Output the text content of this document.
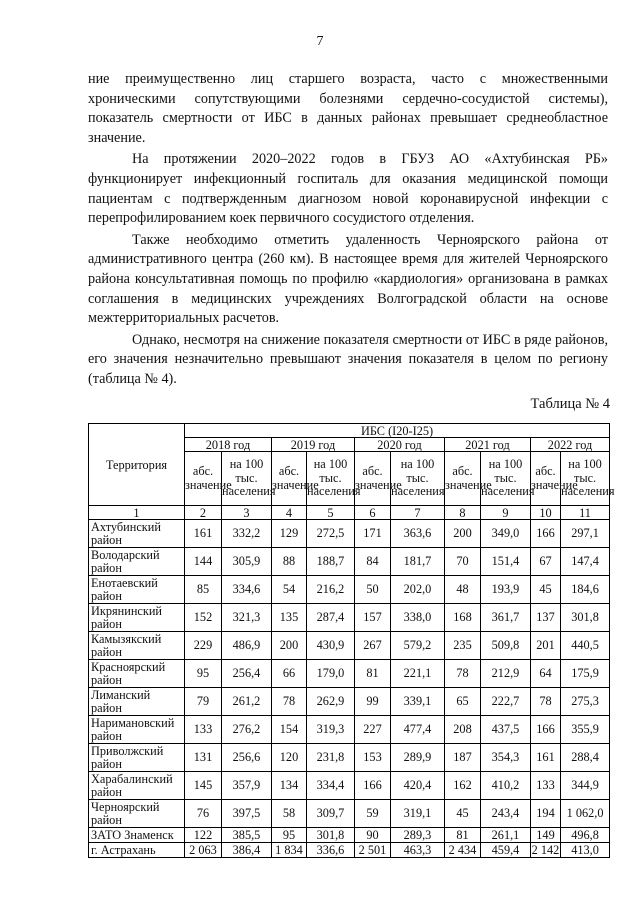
7

ние преимущественно лиц старшего возраста, часто с множественными хроническими сопутствующими болезнями сердечно-сосудистой системы), показатель смертности от ИБС в данных районах превышает среднеобластное значение.

На протяжении 2020–2022 годов в ГБУЗ АО «Ахтубинская РБ» функционирует инфекционный госпиталь для оказания медицинской помощи пациентам с подтвержденным диагнозом новой коронавирусной инфекции с перепрофилированием коек первичного сосудистого отделения.

Также необходимо отметить удаленность Черноярского района от административного центра (260 км). В настоящее время для жителей Черноярского района консультативная помощь по профилю «кардиология» организована в рамках соглашения в медицинских учреждениях Волгоградской области на основе межтерриториальных расчетов.

Однако, несмотря на снижение показателя смертности от ИБС в ряде районов, его значения незначительно превышают значения показателя в целом по региону (таблица № 4).

Таблица № 4
Территория	ИБС (I20-I25)									
	2018 год		2019 год		2020 год		2021 год		2022 год	
	абс. значение	на 100 тыс. населения	абс. значение	на 100 тыс. населения	абс. значение	на 100 тыс. населения	абс. значение	на 100 тыс. населения	абс. значение	на 100 тыс. населения
1	2	3	4	5	6	7	8	9	10	11
Ахтубинский район	161	332,2	129	272,5	171	363,6	200	349,0	166	297,1
Володарский район	144	305,9	88	188,7	84	181,7	70	151,4	67	147,4
Енотаевский район	85	334,6	54	216,2	50	202,0	48	193,9	45	184,6
Икрянинский район	152	321,3	135	287,4	157	338,0	168	361,7	137	301,8
Камызякский район	229	486,9	200	430,9	267	579,2	235	509,8	201	440,5
Красноярский район	95	256,4	66	179,0	81	221,1	78	212,9	64	175,9
Лиманский район	79	261,2	78	262,9	99	339,1	65	222,7	78	275,3
Наримановский район	133	276,2	154	319,3	227	477,4	208	437,5	166	355,9
Приволжский район	131	256,6	120	231,8	153	289,9	187	354,3	161	288,4
Харабалинский район	145	357,9	134	334,4	166	420,4	162	410,2	133	344,9
Черноярский район	76	397,5	58	309,7	59	319,1	45	243,4	194	1 062,0
ЗАТО Знаменск	122	385,5	95	301,8	90	289,3	81	261,1	149	496,8
г. Астрахань	2 063	386,4	1 834	336,6	2 501	463,3	2 434	459,4	2 142	413,0
